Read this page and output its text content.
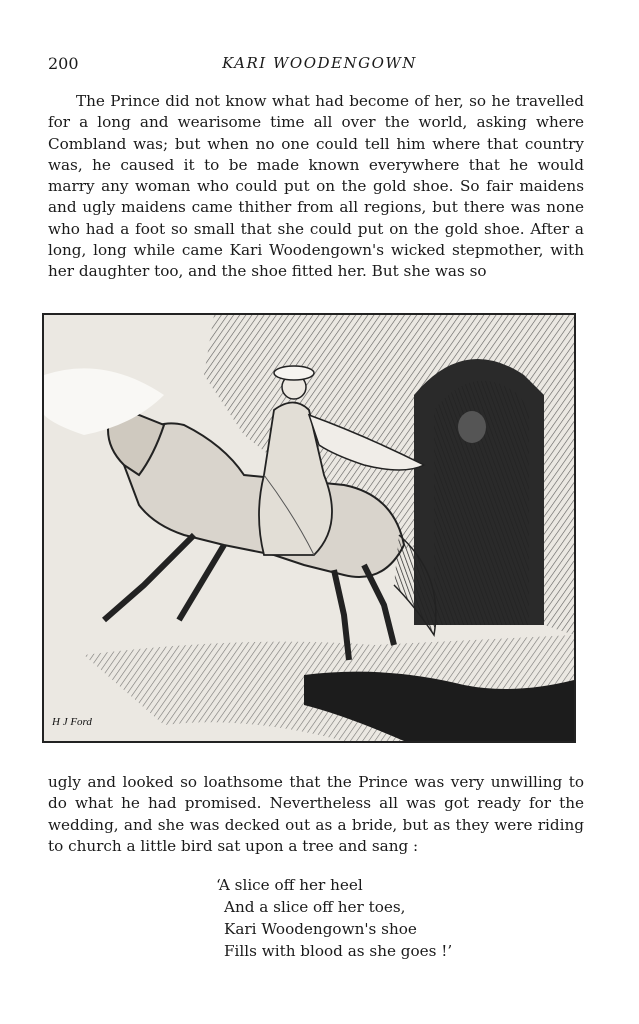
200	KARI WOODENGOWN

The Prince did not know what had become of her, so he travelled for a long and wearisome time all over the world, asking where Combland was; but when no one could tell him where that country was, he caused it to be made known everywhere that he would marry any woman who could put on the gold shoe. So fair maidens and ugly maidens came thither from all regions, but there was none who had a foot so small that she could put on the gold shoe. After a long, long while came Kari Woodengown's wicked stepmother, with her daughter too, and the shoe fitted her. But she was so

H J Ford

ugly and looked so loathsome that the Prince was very unwilling to do what he had promised. Nevertheless all was got ready for the wedding, and she was decked out as a bride, but as they were riding to church a little bird sat upon a tree and sang :

‘A slice off her heel
And a slice off her toes,
Kari Woodengown's shoe
Fills with blood as she goes !’
